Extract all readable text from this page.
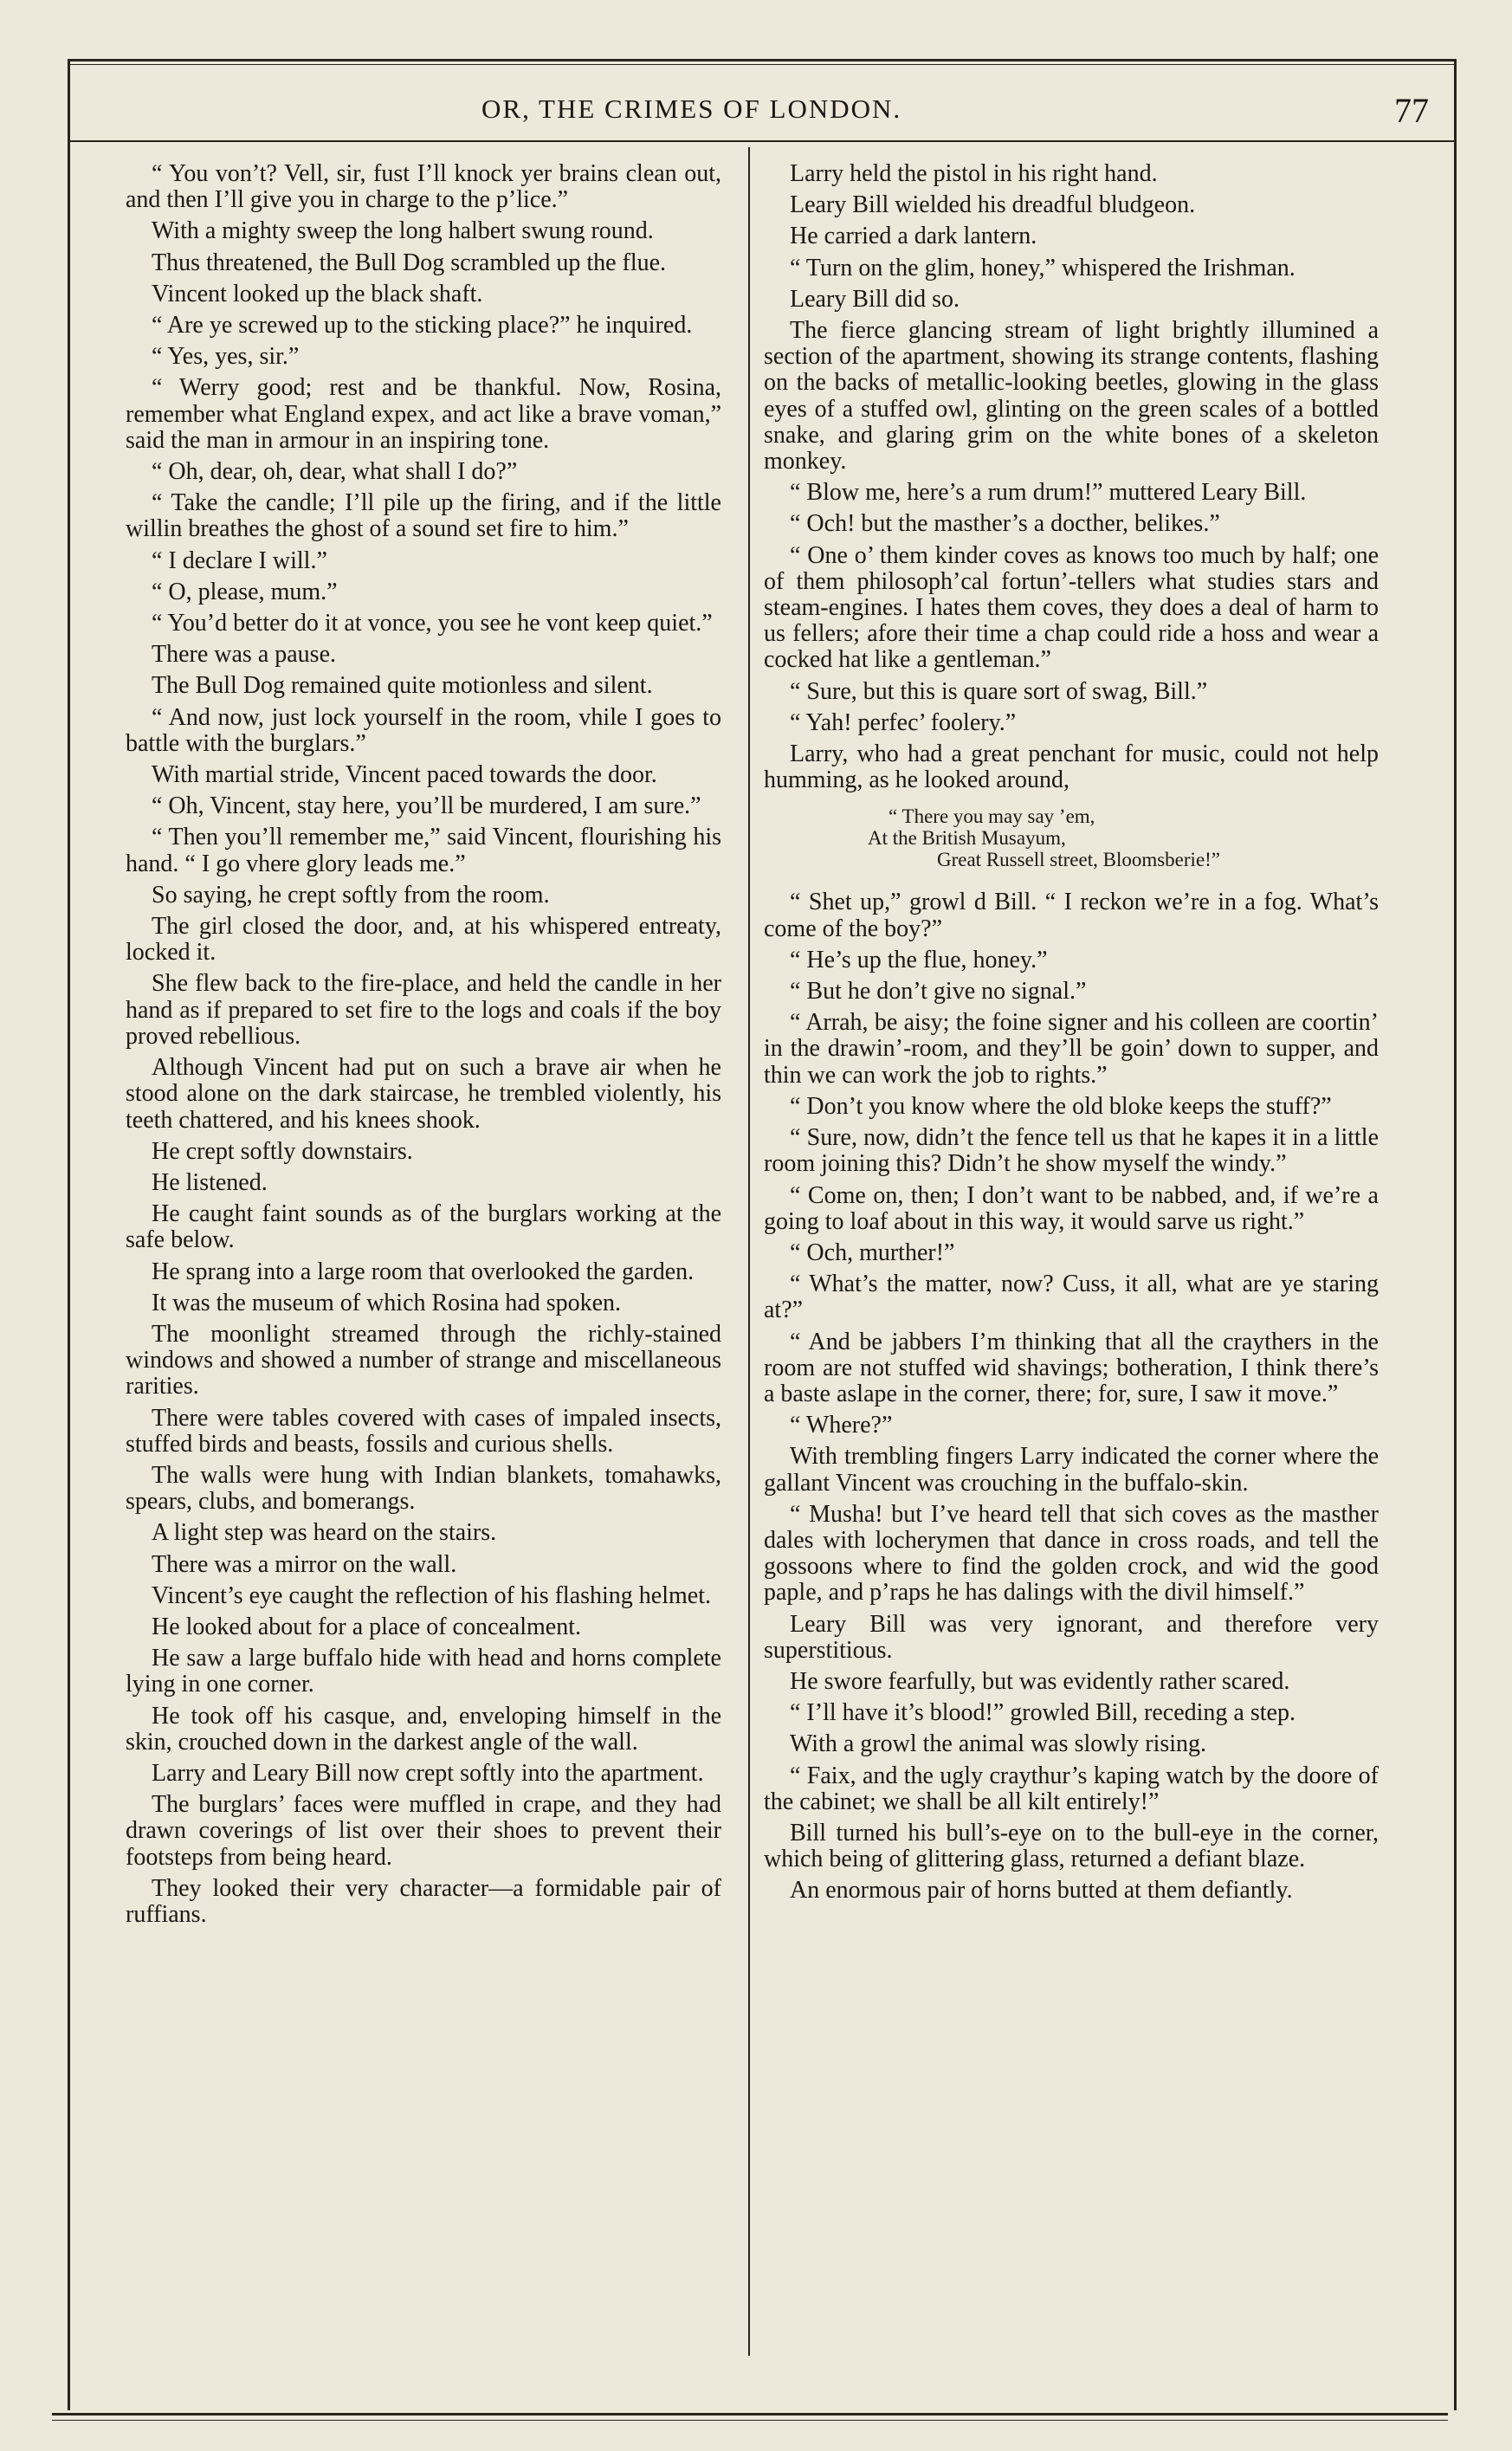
OR, THE CRIMES OF LONDON.	77

“ You von’t? Vell, sir, fust I’ll knock yer brains clean out, and then I’ll give you in charge to the p’lice.”

With a mighty sweep the long halbert swung round.

Thus threatened, the Bull Dog scrambled up the flue.

Vincent looked up the black shaft.

“ Are ye screwed up to the sticking place?” he inquired.

“ Yes, yes, sir.”

“ Werry good; rest and be thankful. Now, Rosina, remember what England expex, and act like a brave voman,” said the man in armour in an inspiring tone.

“ Oh, dear, oh, dear, what shall I do?”

“ Take the candle; I’ll pile up the firing, and if the little willin breathes the ghost of a sound set fire to him.”

“ I declare I will.”

“ O, please, mum.”

“ You’d better do it at vonce, you see he vont keep quiet.”

There was a pause.

The Bull Dog remained quite motionless and silent.

“ And now, just lock yourself in the room, vhile I goes to battle with the burglars.”

With martial stride, Vincent paced towards the door.

“ Oh, Vincent, stay here, you’ll be murdered, I am sure.”

“ Then you’ll remember me,” said Vincent, flourishing his hand. “ I go vhere glory leads me.”

So saying, he crept softly from the room.

The girl closed the door, and, at his whispered entreaty, locked it.

She flew back to the fire-place, and held the candle in her hand as if prepared to set fire to the logs and coals if the boy proved rebellious.

Although Vincent had put on such a brave air when he stood alone on the dark staircase, he trembled violently, his teeth chattered, and his knees shook.

He crept softly downstairs.

He listened.

He caught faint sounds as of the burglars working at the safe below.

He sprang into a large room that overlooked the garden.

It was the museum of which Rosina had spoken.

The moonlight streamed through the richly-stained windows and showed a number of strange and miscellaneous rarities.

There were tables covered with cases of impaled insects, stuffed birds and beasts, fossils and curious shells.

The walls were hung with Indian blankets, tomahawks, spears, clubs, and bomerangs.

A light step was heard on the stairs.

There was a mirror on the wall.

Vincent’s eye caught the reflection of his flashing helmet.

He looked about for a place of concealment.

He saw a large buffalo hide with head and horns complete lying in one corner.

He took off his casque, and, enveloping himself in the skin, crouched down in the darkest angle of the wall.

Larry and Leary Bill now crept softly into the apartment.

The burglars’ faces were muffled in crape, and they had drawn coverings of list over their shoes to prevent their footsteps from being heard.

They looked their very character—a formidable pair of ruffians.

Larry held the pistol in his right hand.

Leary Bill wielded his dreadful bludgeon.

He carried a dark lantern.

“ Turn on the glim, honey,” whispered the Irishman.

Leary Bill did so.

The fierce glancing stream of light brightly illumined a section of the apartment, showing its strange contents, flashing on the backs of metallic-looking beetles, glowing in the glass eyes of a stuffed owl, glinting on the green scales of a bottled snake, and glaring grim on the white bones of a skeleton monkey.

“ Blow me, here’s a rum drum!” muttered Leary Bill.

“ Och! but the masther’s a docther, belikes.”

“ One o’ them kinder coves as knows too much by half; one of them philosoph’cal fortun’-tellers what studies stars and steam-engines. I hates them coves, they does a deal of harm to us fellers; afore their time a chap could ride a hoss and wear a cocked hat like a gentleman.”

“ Sure, but this is quare sort of swag, Bill.”

“ Yah! perfec’ foolery.”

Larry, who had a great penchant for music, could not help humming, as he looked around,

“ There you may say ’em,
At the British Musayum,
Great Russell street, Bloomsberie!”

“ Shet up,” growl d Bill. “ I reckon we’re in a fog. What’s come of the boy?”

“ He’s up the flue, honey.”

“ But he don’t give no signal.”

“ Arrah, be aisy; the foine signer and his colleen are coortin’ in the drawin’-room, and they’ll be goin’ down to supper, and thin we can work the job to rights.”

“ Don’t you know where the old bloke keeps the stuff?”

“ Sure, now, didn’t the fence tell us that he kapes it in a little room joining this? Didn’t he show myself the windy.”

“ Come on, then; I don’t want to be nabbed, and, if we’re a going to loaf about in this way, it would sarve us right.”

“ Och, murther!”

“ What’s the matter, now? Cuss, it all, what are ye staring at?”

“ And be jabbers I’m thinking that all the craythers in the room are not stuffed wid shavings; botheration, I think there’s a baste aslape in the corner, there; for, sure, I saw it move.”

“ Where?”

With trembling fingers Larry indicated the corner where the gallant Vincent was crouching in the buffalo-skin.

“ Musha! but I’ve heard tell that sich coves as the masther dales with locherymen that dance in cross roads, and tell the gossoons where to find the golden crock, and wid the good paple, and p’raps he has dalings with the divil himself.”

Leary Bill was very ignorant, and therefore very superstitious.

He swore fearfully, but was evidently rather scared.

“ I’ll have it’s blood!” growled Bill, receding a step.

With a growl the animal was slowly rising.

“ Faix, and the ugly craythur’s kaping watch by the doore of the cabinet; we shall be all kilt entirely!”

Bill turned his bull’s-eye on to the bull-eye in the corner, which being of glittering glass, returned a defiant blaze.

An enormous pair of horns butted at them defiantly.
